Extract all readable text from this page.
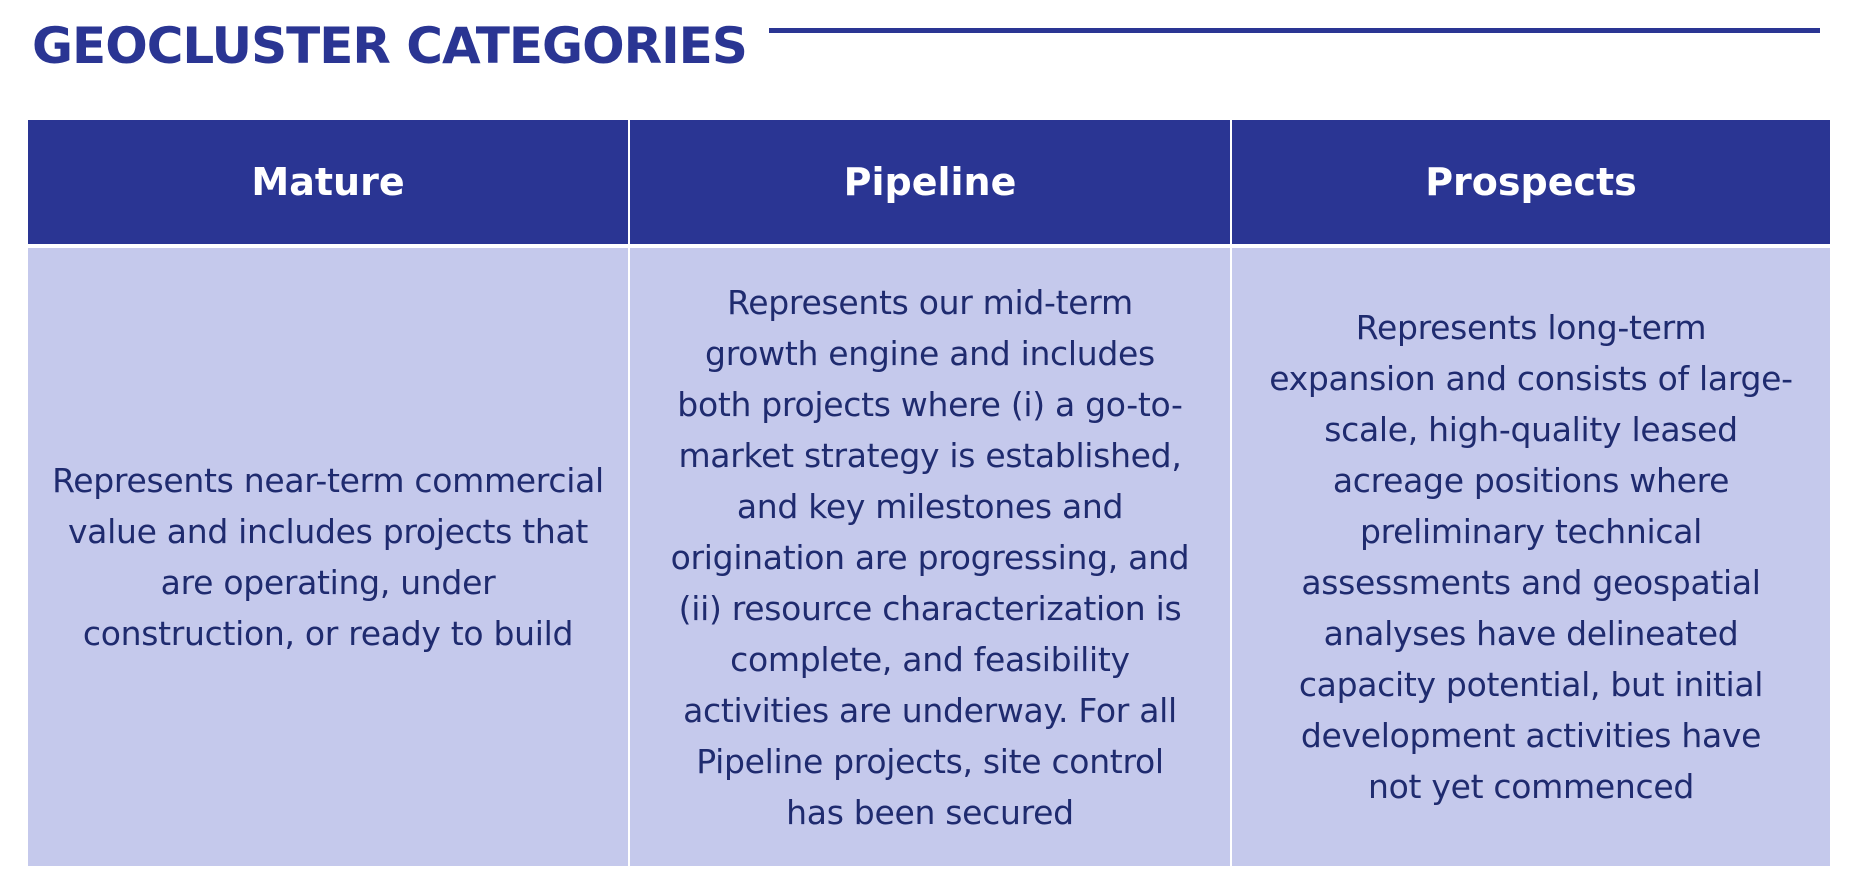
GEOCLUSTER CATEGORIES
Mature	Pipeline	Prospects
Represents near-term commercial
value and includes projects that
are operating, under
construction, or ready to build
Represents our mid-term
growth engine and includes
both projects where (i) a go-to-
market strategy is established,
and key milestones and
origination are progressing, and
(ii) resource characterization is
complete, and feasibility
activities are underway. For all
Pipeline projects, site control
has been secured
Represents long-term
expansion and consists of large-
scale, high-quality leased
acreage positions where
preliminary technical
assessments and geospatial
analyses have delineated
capacity potential, but initial
development activities have
not yet commenced
